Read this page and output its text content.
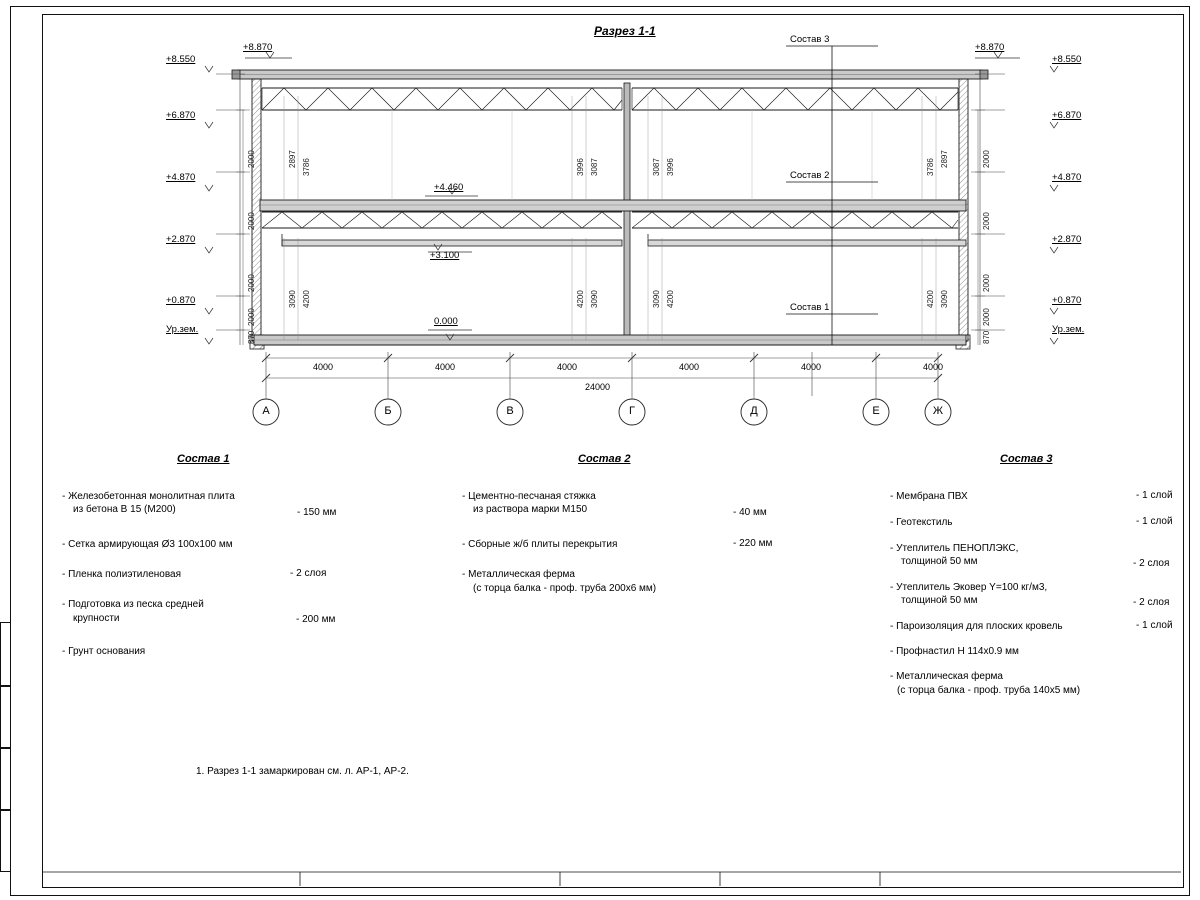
Разрез 1-1
+8.550
+6.870
+4.870
+2.870
+0.870
Ур.зем.
+8.550
+6.870
+4.870
+2.870
+0.870
Ур.зем.
+8.870	+8.870
+4.460
+3.100
0.000
Состав 3
Состав 2
Состав 1
2000
2000
2000
2000
870
2000
2000
2000
2000
870
2897 3786
3090 4200
3996 3087
4200 3090
3087 3996
3090 4200
3786 2897
4200 3090
4000	4000	4000	4000	4000	4000
24000
А	Б	В	Г	Д	Е	Ж
Состав 1
- Железобетонная монолитная плита
из бетона В 15 (М200)	- 150 мм
- Сетка армирующая Ø3 100х100 мм
- Пленка полиэтиленовая	- 2 слоя
- Подготовка из песка средней
крупности	- 200 мм
- Грунт основания
Состав 2
- Цементно-песчаная стяжка
из раствора марки М150	- 40 мм
- Сборные ж/б плиты перекрытия	- 220 мм
- Металлическая ферма
(с торца балка - проф. труба 200х6 мм)
Состав 3
- Мембрана ПВХ	- 1 слой
- Геотекстиль	- 1 слой
- Утеплитель ПЕНОПЛЭКС,
толщиной 50 мм	- 2 слоя
- Утеплитель Эковер Y=100 кг/м3,
толщиной 50 мм	- 2 слоя
- Пароизоляция для плоских кровель	- 1 слой
- Профнастил Н 114х0.9 мм
- Металлическая ферма
(с торца балка - проф. труба 140х5 мм)
1. Разрез 1-1 замаркирован см. л. АР-1, АР-2.
